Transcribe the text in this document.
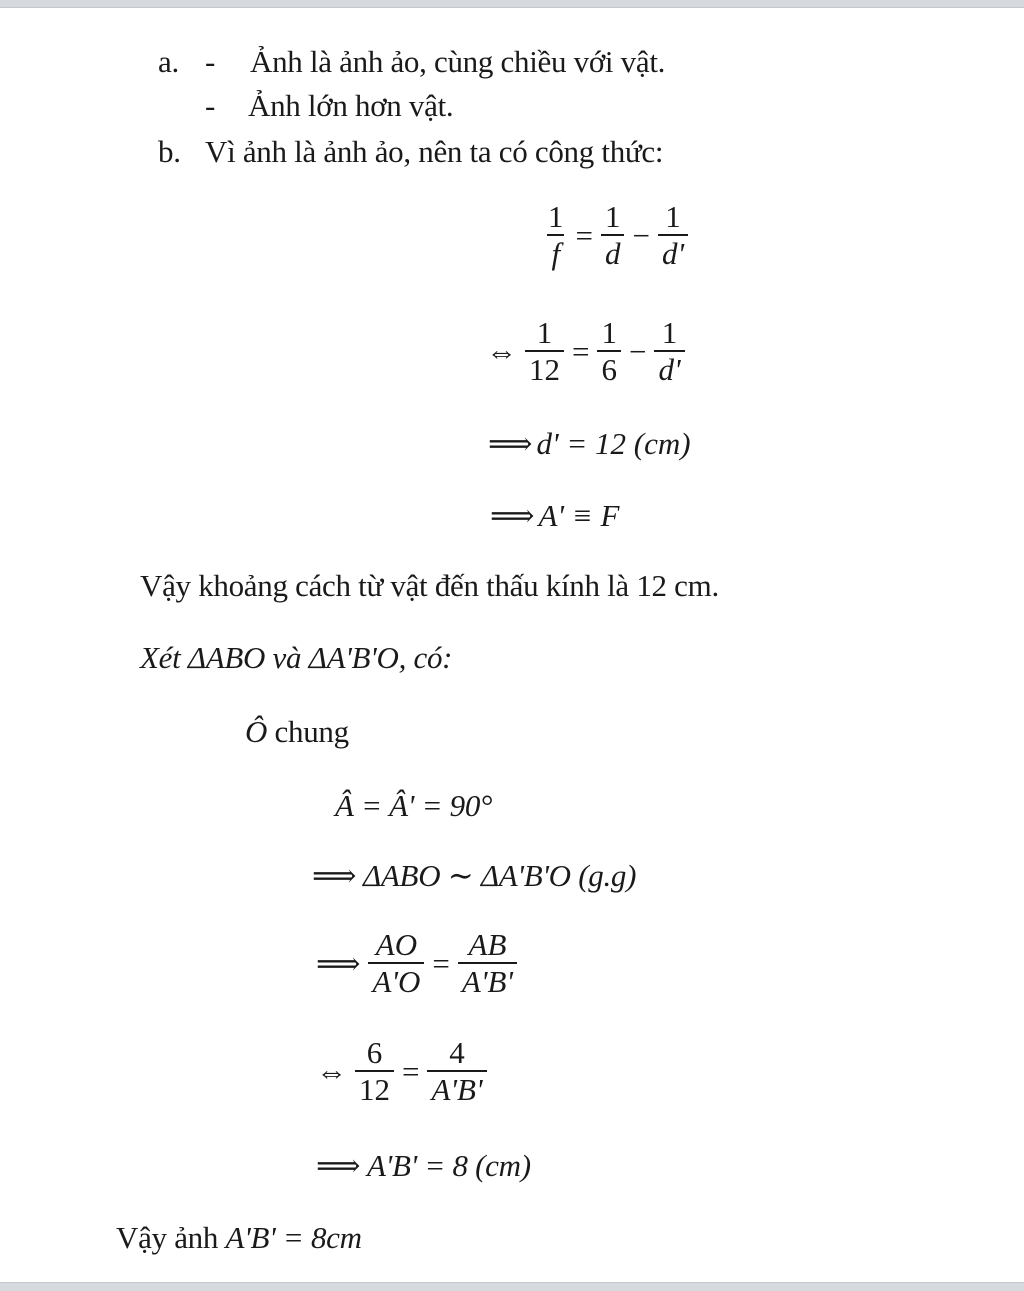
a. - Ảnh là ảnh ảo, cùng chiều với vật.
- Ảnh lớn hơn vật.
b. Vì ảnh là ảnh ảo, nên ta có công thức:
$\frac{1}{f} = \frac{1}{d} - \frac{1}{d'}$
⇔ $\frac{1}{12} = \frac{1}{6} - \frac{1}{d'}$
⟹ d' = 12 (cm)
⟹ A' ≡ F
Vậy khoảng cách từ vật đến thấu kính là 12 cm.
Xét ΔABO và ΔA'B'O, có:
Ô chung
Â = Â' = 90°
⟹ ΔABO ∼ ΔA'B'O (g.g)
⟹ $\frac{AO}{A'O} = \frac{AB}{A'B'}$
⇔ $\frac{6}{12} = \frac{4}{A'B'}$
⟹ A'B' = 8 (cm)
Vậy ảnh A'B' = 8cm
